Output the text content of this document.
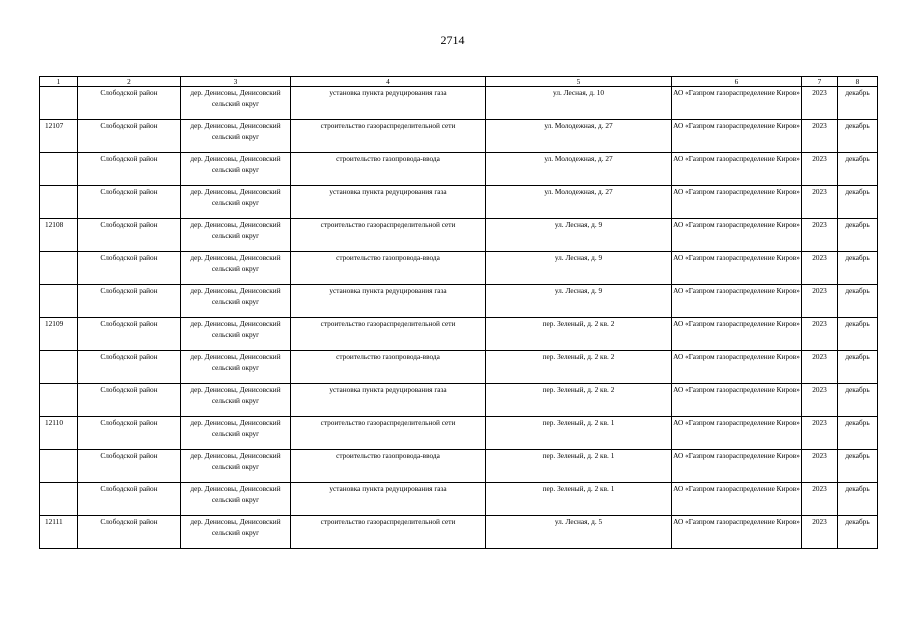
2714
1	2	3	4	5	6	7	8
	Слободской район	дер. Денисовы, Денисовский сельский округ	установка пункта редуцирования газа	ул. Лесная, д. 10	АО «Газпром газораспределение Киров»	2023	декабрь
12107	Слободской район	дер. Денисовы, Денисовский сельский округ	строительство газораспределительной сети	ул. Молодежная, д. 27	АО «Газпром газораспределение Киров»	2023	декабрь
	Слободской район	дер. Денисовы, Денисовский сельский округ	строительство газопровода-ввода	ул. Молодежная, д. 27	АО «Газпром газораспределение Киров»	2023	декабрь
	Слободской район	дер. Денисовы, Денисовский сельский округ	установка пункта редуцирования газа	ул. Молодежная, д. 27	АО «Газпром газораспределение Киров»	2023	декабрь
12108	Слободской район	дер. Денисовы, Денисовский сельский округ	строительство газораспределительной сети	ул. Лесная, д. 9	АО «Газпром газораспределение Киров»	2023	декабрь
	Слободской район	дер. Денисовы, Денисовский сельский округ	строительство газопровода-ввода	ул. Лесная, д. 9	АО «Газпром газораспределение Киров»	2023	декабрь
	Слободской район	дер. Денисовы, Денисовский сельский округ	установка пункта редуцирования газа	ул. Лесная, д. 9	АО «Газпром газораспределение Киров»	2023	декабрь
12109	Слободской район	дер. Денисовы, Денисовский сельский округ	строительство газораспределительной сети	пер. Зеленый, д. 2 кв. 2	АО «Газпром газораспределение Киров»	2023	декабрь
	Слободской район	дер. Денисовы, Денисовский сельский округ	строительство газопровода-ввода	пер. Зеленый, д. 2 кв. 2	АО «Газпром газораспределение Киров»	2023	декабрь
	Слободской район	дер. Денисовы, Денисовский сельский округ	установка пункта редуцирования газа	пер. Зеленый, д. 2 кв. 2	АО «Газпром газораспределение Киров»	2023	декабрь
12110	Слободской район	дер. Денисовы, Денисовский сельский округ	строительство газораспределительной сети	пер. Зеленый, д. 2 кв. 1	АО «Газпром газораспределение Киров»	2023	декабрь
	Слободской район	дер. Денисовы, Денисовский сельский округ	строительство газопровода-ввода	пер. Зеленый, д. 2 кв. 1	АО «Газпром газораспределение Киров»	2023	декабрь
	Слободской район	дер. Денисовы, Денисовский сельский округ	установка пункта редуцирования газа	пер. Зеленый, д. 2 кв. 1	АО «Газпром газораспределение Киров»	2023	декабрь
12111	Слободской район	дер. Денисовы, Денисовский сельский округ	строительство газораспределительной сети	ул. Лесная, д. 5	АО «Газпром газораспределение Киров»	2023	декабрь
